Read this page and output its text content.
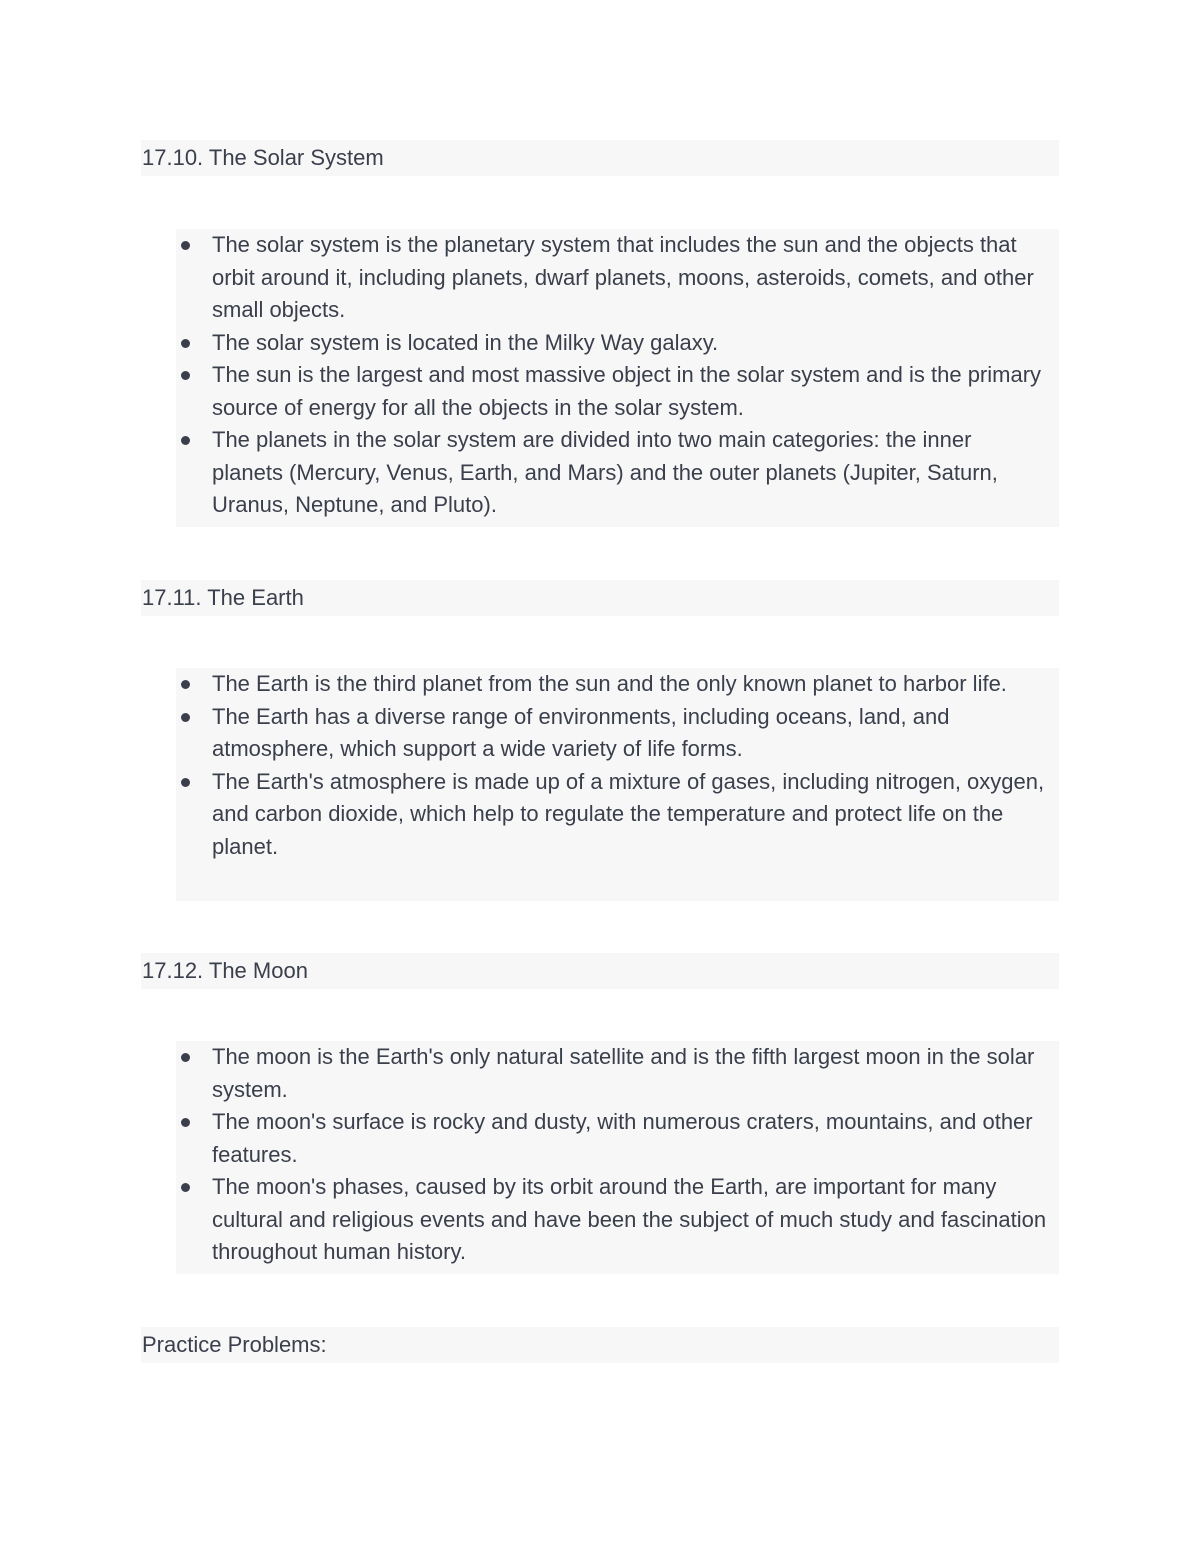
17.10. The Solar System
The solar system is the planetary system that includes the sun and the objects that orbit around it, including planets, dwarf planets, moons, asteroids, comets, and other small objects.
The solar system is located in the Milky Way galaxy.
The sun is the largest and most massive object in the solar system and is the primary source of energy for all the objects in the solar system.
The planets in the solar system are divided into two main categories: the inner planets (Mercury, Venus, Earth, and Mars) and the outer planets (Jupiter, Saturn, Uranus, Neptune, and Pluto).
17.11. The Earth
The Earth is the third planet from the sun and the only known planet to harbor life.
The Earth has a diverse range of environments, including oceans, land, and atmosphere, which support a wide variety of life forms.
The Earth's atmosphere is made up of a mixture of gases, including nitrogen, oxygen, and carbon dioxide, which help to regulate the temperature and protect life on the planet.
17.12. The Moon
The moon is the Earth's only natural satellite and is the fifth largest moon in the solar system.
The moon's surface is rocky and dusty, with numerous craters, mountains, and other features.
The moon's phases, caused by its orbit around the Earth, are important for many cultural and religious events and have been the subject of much study and fascination throughout human history.
Practice Problems:
